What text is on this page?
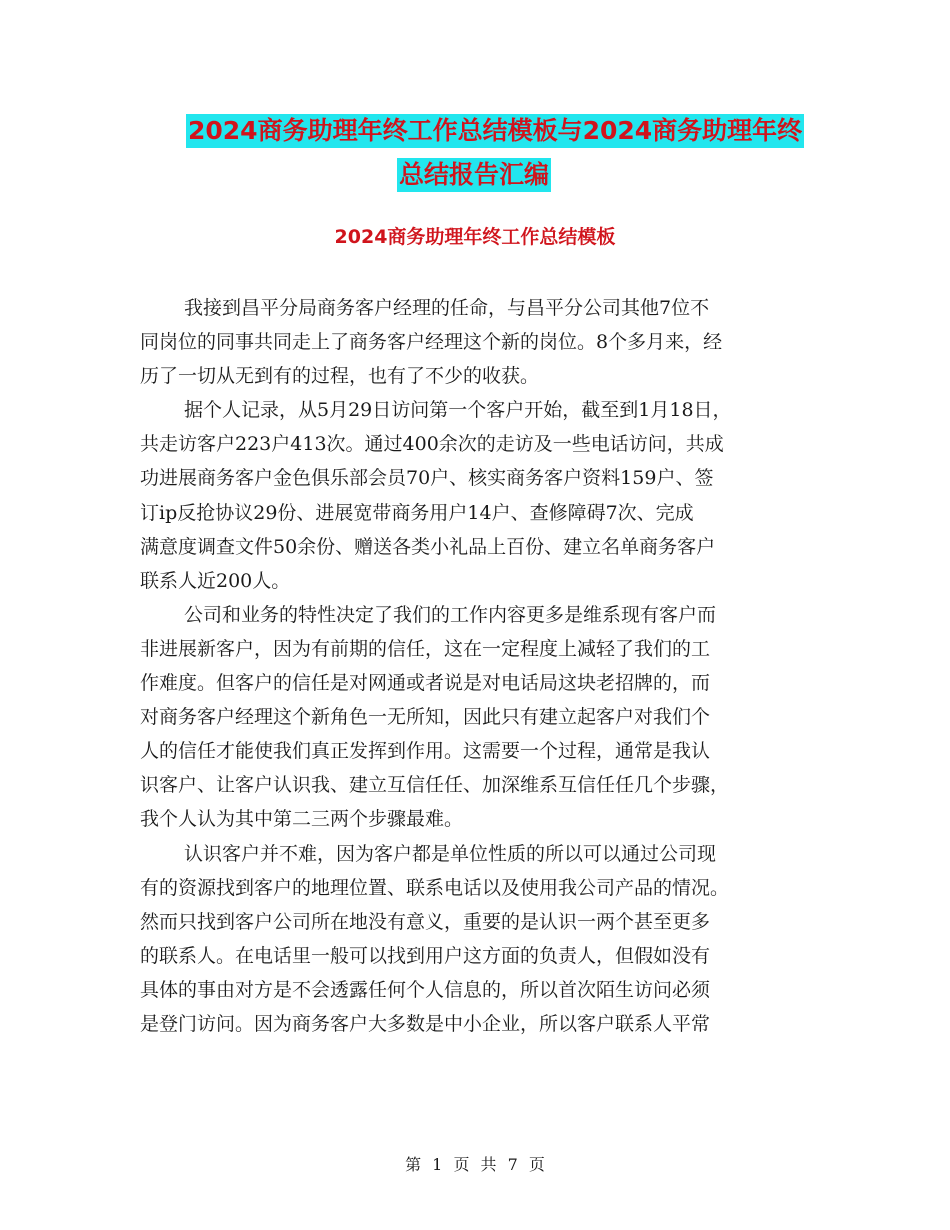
2024商务助理年终工作总结模板与2024商务助理年终
总结报告汇编
2024商务助理年终工作总结模板
我接到昌平分局商务客户经理的任命，与昌平分公司其他7位不
同岗位的同事共同走上了商务客户经理这个新的岗位。8个多月来，经
历了一切从无到有的过程，也有了不少的收获。
据个人记录，从5月29日访问第一个客户开始，截至到1月18日，
共走访客户223户413次。通过400余次的走访及一些电话访问，共成
功进展商务客户金色俱乐部会员70户、核实商务客户资料159户、签
订ip反抢协议29份、进展宽带商务用户14户、查修障碍7次、完成
满意度调查文件50余份、赠送各类小礼品上百份、建立名单商务客户
联系人近200人。
公司和业务的特性决定了我们的工作内容更多是维系现有客户而
非进展新客户，因为有前期的信任，这在一定程度上减轻了我们的工
作难度。但客户的信任是对网通或者说是对电话局这块老招牌的，而
对商务客户经理这个新角色一无所知，因此只有建立起客户对我们个
人的信任才能使我们真正发挥到作用。这需要一个过程，通常是我认
识客户、让客户认识我、建立互信任任、加深维系互信任任几个步骤，
我个人认为其中第二三两个步骤最难。
认识客户并不难，因为客户都是单位性质的所以可以通过公司现
有的资源找到客户的地理位置、联系电话以及使用我公司产品的情况。
然而只找到客户公司所在地没有意义，重要的是认识一两个甚至更多
的联系人。在电话里一般可以找到用户这方面的负责人，但假如没有
具体的事由对方是不会透露任何个人信息的，所以首次陌生访问必须
是登门访问。因为商务客户大多数是中小企业，所以客户联系人平常
第 1 页 共 7 页
